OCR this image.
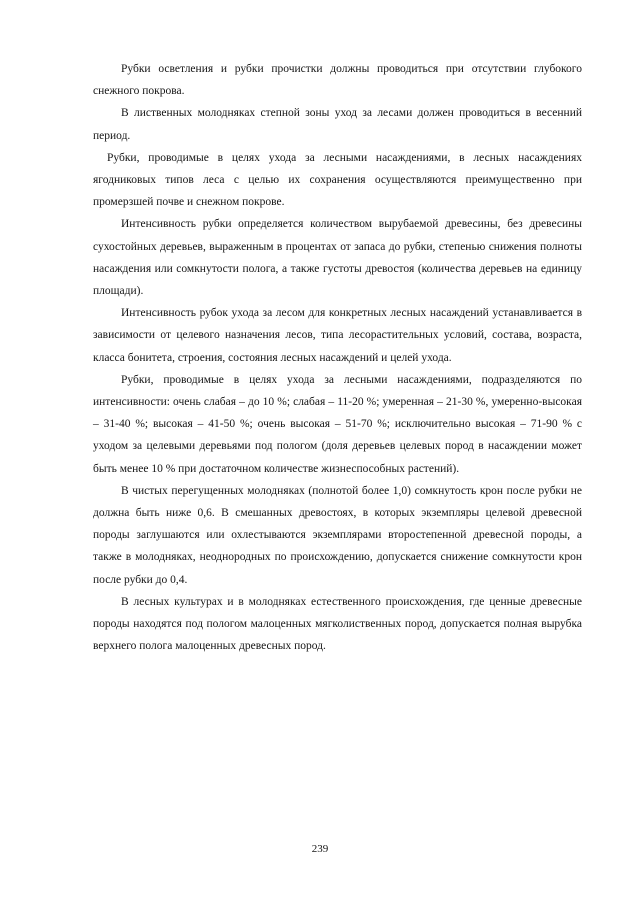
Рубки осветления и рубки прочистки должны проводиться при отсутствии глубокого снежного покрова.

В лиственных молодняках степной зоны уход за лесами должен проводиться в весенний период.

Рубки, проводимые в целях ухода за лесными насаждениями, в лесных насаждениях ягодниковых типов леса с целью их сохранения осуществляются преимущественно при промерзшей почве и снежном покрове.

Интенсивность рубки определяется количеством вырубаемой древесины, без древесины сухостойных деревьев, выраженным в процентах от запаса до рубки, степенью снижения полноты насаждения или сомкнутости полога, а также густоты древостоя (количества деревьев на единицу площади).

Интенсивность рубок ухода за лесом для конкретных лесных насаждений устанавливается в зависимости от целевого назначения лесов, типа лесорастительных условий, состава, возраста, класса бонитета, строения, состояния лесных насаждений и целей ухода.

Рубки, проводимые в целях ухода за лесными насаждениями, подразделяются по интенсивности: очень слабая – до 10 %; слабая – 11-20 %; умеренная – 21-30 %, умеренно-высокая – 31-40 %; высокая – 41-50 %; очень высокая – 51-70 %; исключительно высокая – 71-90 % с уходом за целевыми деревьями под пологом (доля деревьев целевых пород в насаждении может быть менее 10 % при достаточном количестве жизнеспособных растений).

В чистых перегущенных молодняках (полнотой более 1,0) сомкнутость крон после рубки не должна быть ниже 0,6. В смешанных древостоях, в которых экземпляры целевой древесной породы заглушаются или охлестываются экземплярами второстепенной древесной породы, а также в молодняках, неоднородных по происхождению, допускается снижение сомкнутости крон после рубки до 0,4.

В лесных культурах и в молодняках естественного происхождения, где ценные древесные породы находятся под пологом малоценных мягколиственных пород, допускается полная вырубка верхнего полога малоценных древесных пород.

239
